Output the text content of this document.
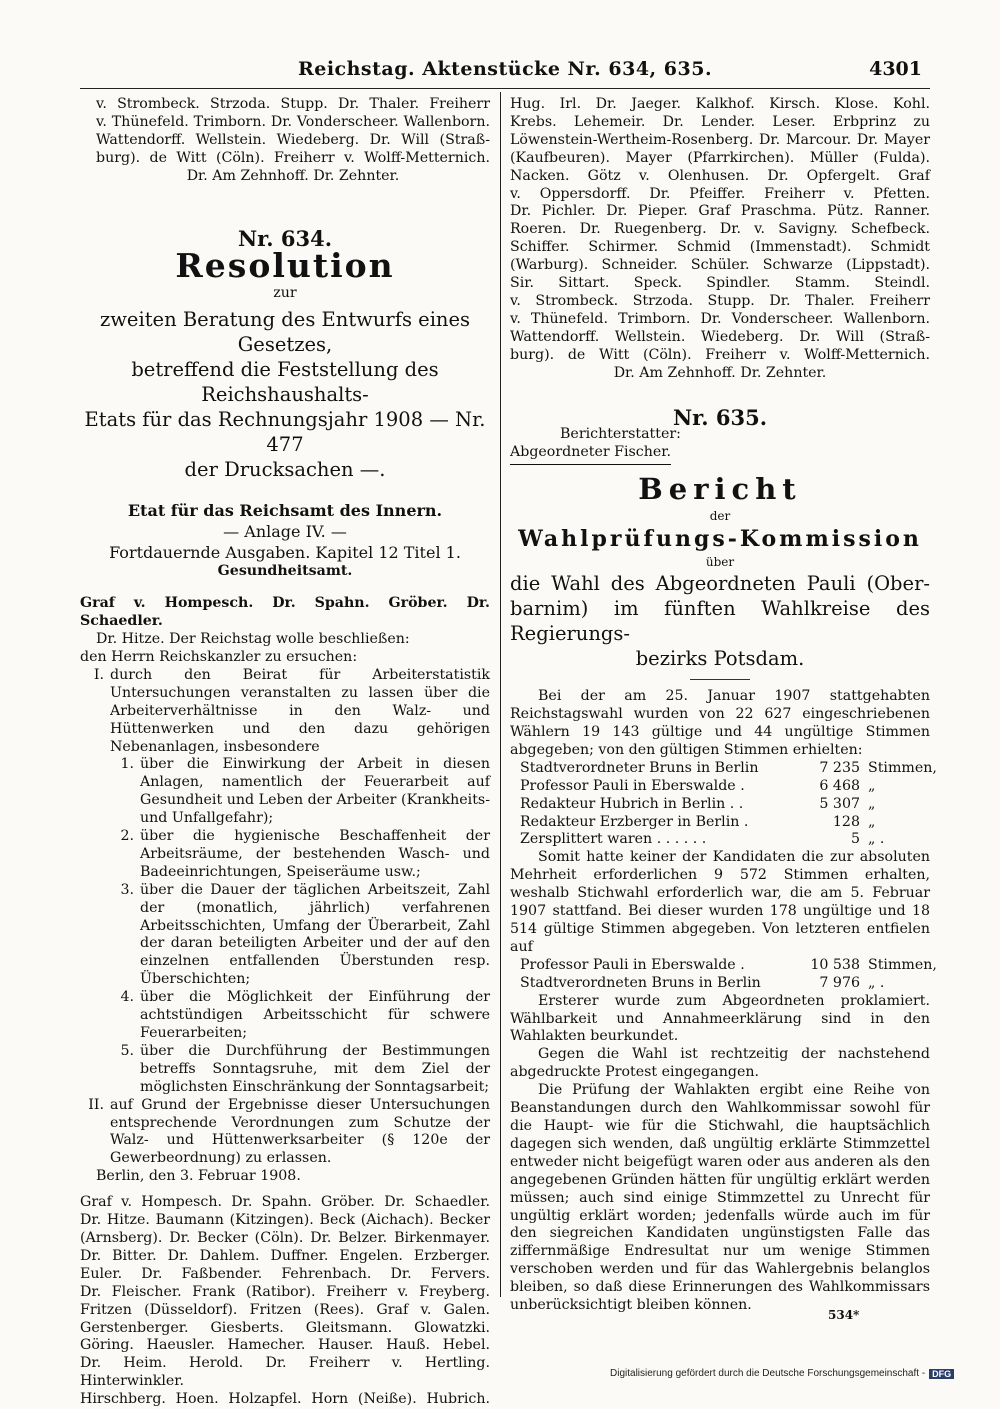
Reichstag. Aktenstücke Nr. 634, 635.	4301
v. Strombeck. Strzoda. Stupp. Dr. Thaler. Freiherr
v. Thünefeld. Trimborn. Dr. Vonderscheer. Wallenborn.
Wattendorff. Wellstein. Wiedeberg. Dr. Will (Straß-
burg). de Witt (Cöln). Freiherr v. Wolff-Metternich.
Dr. Am Zehnhoff. Dr. Zehnter.
Nr. 634.
Resolution
zur
zweiten Beratung des Entwurfs eines Gesetzes,
betreffend die Feststellung des Reichshaushalts-
Etats für das Rechnungsjahr 1908 — Nr. 477
der Drucksachen —.
Etat für das Reichsamt des Innern.
— Anlage IV. —
Fortdauernde Ausgaben. Kapitel 12 Titel 1.
Gesundheitsamt.
Graf v. Hompesch. Dr. Spahn. Gröber. Dr. Schaedler.
Dr. Hitze. Der Reichstag wolle beschließen:
den Herrn Reichskanzler zu ersuchen:
I. durch den Beirat für Arbeiterstatistik Untersuchungen veranstalten zu lassen über die Arbeiterverhältnisse in den Walz- und Hüttenwerken und den dazu gehörigen Nebenanlagen, insbesondere
1. über die Einwirkung der Arbeit in diesen Anlagen, namentlich der Feuerarbeit auf Gesundheit und Leben der Arbeiter (Krankheits- und Unfallgefahr);
2. über die hygienische Beschaffenheit der Arbeitsräume, der bestehenden Wasch- und Badeeinrichtungen, Speiseräume usw.;
3. über die Dauer der täglichen Arbeitszeit, Zahl der (monatlich, jährlich) verfahrenen Arbeitsschichten, Umfang der Überarbeit, Zahl der daran beteiligten Arbeiter und der auf den einzelnen entfallenden Überstunden resp. Überschichten;
4. über die Möglichkeit der Einführung der achtstündigen Arbeitsschicht für schwere Feuerarbeiten;
5. über die Durchführung der Bestimmungen betreffs Sonntagsruhe, mit dem Ziel der möglichsten Einschränkung der Sonntagsarbeit;
II. auf Grund der Ergebnisse dieser Untersuchungen entsprechende Verordnungen zum Schutze der Walz- und Hüttenwerksarbeiter (§ 120e der Gewerbeordnung) zu erlassen.
Berlin, den 3. Februar 1908.
Graf v. Hompesch. Dr. Spahn. Gröber. Dr. Schaedler.
Dr. Hitze. Baumann (Kitzingen). Beck (Aichach). Becker
(Arnsberg). Dr. Becker (Cöln). Dr. Belzer. Birkenmayer.
Dr. Bitter. Dr. Dahlem. Duffner. Engelen. Erzberger.
Euler. Dr. Faßbender. Fehrenbach. Dr. Fervers.
Dr. Fleischer. Frank (Ratibor). Freiherr v. Freyberg.
Fritzen (Düsseldorf). Fritzen (Rees). Graf v. Galen.
Gerstenberger. Giesberts. Gleitsmann. Glowatzki.
Göring. Haeusler. Hamecher. Hauser. Hauß. Hebel.
Dr. Heim. Herold. Dr. Freiherr v. Hertling. Hinterwinkler.
Hirschberg. Hoen. Holzapfel. Horn (Neiße). Hubrich.
Hug. Irl. Dr. Jaeger. Kalkhof. Kirsch. Klose. Kohl.
Krebs. Lehemeir. Dr. Lender. Leser. Erbprinz zu
Löwenstein-Wertheim-Rosenberg. Dr. Marcour. Dr. Mayer
(Kaufbeuren). Mayer (Pfarrkirchen). Müller (Fulda).
Nacken. Götz v. Olenhusen. Dr. Opfergelt. Graf
v. Oppersdorff. Dr. Pfeiffer. Freiherr v. Pfetten.
Dr. Pichler. Dr. Pieper. Graf Praschma. Pütz. Ranner.
Roeren. Dr. Ruegenberg. Dr. v. Savigny. Schefbeck.
Schiffer. Schirmer. Schmid (Immenstadt). Schmidt
(Warburg). Schneider. Schüler. Schwarze (Lippstadt).
Sir. Sittart. Speck. Spindler. Stamm. Steindl.
v. Strombeck. Strzoda. Stupp. Dr. Thaler. Freiherr
v. Thünefeld. Trimborn. Dr. Vonderscheer. Wallenborn.
Wattendorff. Wellstein. Wiedeberg. Dr. Will (Straß-
burg). de Witt (Cöln). Freiherr v. Wolff-Metternich.
Dr. Am Zehnhoff. Dr. Zehnter.
Nr. 635.
Berichterstatter:
Abgeordneter Fischer.
Bericht
der
Wahlprüfungs-Kommission
über
die Wahl des Abgeordneten Pauli (Ober-
barnim) im fünften Wahlkreise des Regierungs-
bezirks Potsdam.
Bei der am 25. Januar 1907 stattgehabten Reichstagswahl wurden von 22 627 eingeschriebenen Wählern 19 143 gültige und 44 ungültige Stimmen abgegeben; von den gültigen Stimmen erhielten:
Stadtverordneter Bruns in Berlin	7 235 Stimmen,
Professor Pauli in Eberswalde .	6 468 „
Redakteur Hubrich in Berlin . .	5 307 „
Redakteur Erzberger in Berlin .	128 „
Zersplittert waren . . . . . .	5 „ .
Somit hatte keiner der Kandidaten die zur absoluten Mehrheit erforderlichen 9 572 Stimmen erhalten, weshalb Stichwahl erforderlich war, die am 5. Februar 1907 stattfand. Bei dieser wurden 178 ungültige und 18 514 gültige Stimmen abgegeben. Von letzteren entfielen auf
Professor Pauli in Eberswalde .	10 538 Stimmen,
Stadtverordneten Bruns in Berlin	7 976 „ .
Ersterer wurde zum Abgeordneten proklamiert. Wählbarkeit und Annahmeerklärung sind in den Wahlakten beurkundet.
Gegen die Wahl ist rechtzeitig der nachstehend abgedruckte Protest eingegangen.
Die Prüfung der Wahlakten ergibt eine Reihe von Beanstandungen durch den Wahlkommissar sowohl für die Haupt- wie für die Stichwahl, die hauptsächlich dagegen sich wenden, daß ungültig erklärte Stimmzettel entweder nicht beigefügt waren oder aus anderen als den angegebenen Gründen hätten für ungültig erklärt werden müssen; auch sind einige Stimmzettel zu Unrecht für ungültig erklärt worden; jedenfalls würde auch im für den siegreichen Kandidaten ungünstigsten Falle das ziffernmäßige Endresultat nur um wenige Stimmen verschoben werden und für das Wahlergebnis belanglos bleiben, so daß diese Erinnerungen des Wahlkommissars unberücksichtigt bleiben können.
534*
Digitalisierung gefördert durch die Deutsche Forschungsgemeinschaft - DFG
